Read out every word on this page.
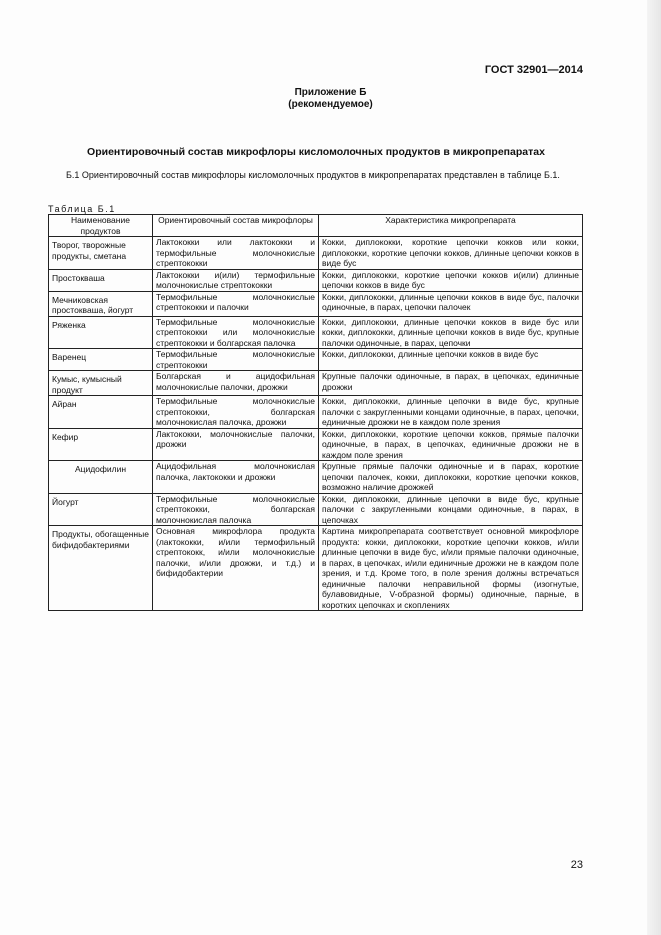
ГОСТ 32901—2014
Приложение Б
(рекомендуемое)
Ориентировочный состав микрофлоры кисломолочных продуктов в микропрепаратах
Б.1 Ориентировочный состав микрофлоры кисломолочных продуктов в микропрепаратах представлен в таблице Б.1.
Таблица Б.1
Наименование продуктов	Ориентировочный состав микрофлоры	Характеристика микропрепарата
Творог, творожные продукты, сметана	Лактококки или лактококки и термофильные молочнокислые стрептококки	Кокки, диплококки, короткие цепочки кокков или кокки, диплококки, короткие цепочки кокков, длинные цепочки кокков в виде бус
Простокваша	Лактококки и(или) термофильные молочнокислые стрептококки	Кокки, диплококки, короткие цепочки кокков и(или) длинные цепочки кокков в виде бус
Мечниковская простокваша, йогурт	Термофильные молочнокислые стрептококки и палочки	Кокки, диплококки, длинные цепочки кокков в виде бус, палочки одиночные, в парах, цепочки палочек
Ряженка	Термофильные молочнокислые стрептококки или молочнокислые стрептококки и болгарская палочка	Кокки, диплококки, длинные цепочки кокков в виде бус или кокки, диплококки, длинные цепочки кокков в виде бус, крупные палочки одиночные, в парах, цепочки
Варенец	Термофильные молочнокислые стрептококки	Кокки, диплококки, длинные цепочки кокков в виде бус
Кумыс, кумысный продукт	Болгарская и ацидофильная молочнокислые палочки, дрожжи	Крупные палочки одиночные, в парах, в цепочках, единичные дрожжи
Айран	Термофильные молочнокислые стрептококки, болгарская молочнокислая палочка, дрожжи	Кокки, диплококки, длинные цепочки в виде бус, крупные палочки с закругленными концами одиночные, в парах, цепочки, единичные дрожжи не в каждом поле зрения
Кефир	Лактококки, молочнокислые палочки, дрожжи	Кокки, диплококки, короткие цепочки кокков, прямые палочки одиночные, в парах, в цепочках, единичные дрожжи не в каждом поле зрения
Ацидофилин	Ацидофильная молочнокислая палочка, лактококки и дрожжи	Крупные прямые палочки одиночные и в парах, короткие цепочки палочек, кокки, диплококки, короткие цепочки кокков, возможно наличие дрожжей
Йогурт	Термофильные молочнокислые стрептококки, болгарская молочнокислая палочка	Кокки, диплококки, длинные цепочки в виде бус, крупные палочки с закругленными концами одиночные, в парах, в цепочках
Продукты, обогащенные бифидобактериями	Основная микрофлора продукта (лактококки, и/или термофильный стрептококк, и/или молочнокислые палочки, и/или дрожжи, и т.д.) и бифидобактерии	Картина микропрепарата соответствует основной микрофлоре продукта: кокки, диплококки, короткие цепочки кокков, и/или длинные цепочки в виде бус, и/или прямые палочки одиночные, в парах, в цепочках, и/или единичные дрожжи не в каждом поле зрения, и т.д. Кроме того, в поле зрения должны встречаться единичные палочки неправильной формы (изогнутые, булавовидные, V-образной формы) одиночные, парные, в коротких цепочках и скоплениях
23
